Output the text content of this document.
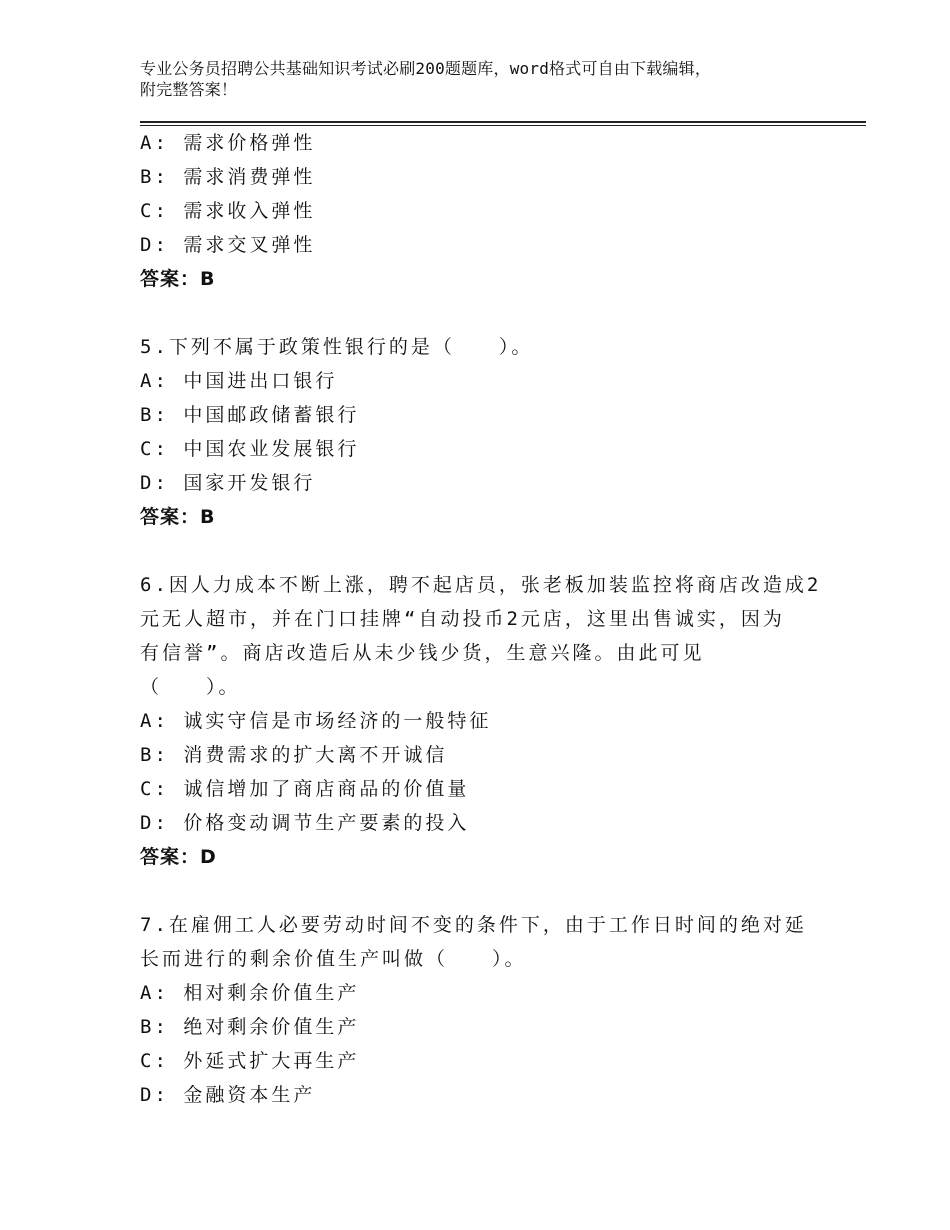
专业公务员招聘公共基础知识考试必刷200题题库，word格式可自由下载编辑，
附完整答案！
A: 需求价格弹性
B: 需求消费弹性
C: 需求收入弹性
D: 需求交叉弹性
答案：B
5.下列不属于政策性银行的是（　　）。
A: 中国进出口银行
B: 中国邮政储蓄银行
C: 中国农业发展银行
D: 国家开发银行
答案：B
6.因人力成本不断上涨，聘不起店员，张老板加装监控将商店改造成2
元无人超市，并在门口挂牌“自动投币2元店，这里出售诚实，因为
有信誉”。商店改造后从未少钱少货，生意兴隆。由此可见
（　　）。
A: 诚实守信是市场经济的一般特征
B: 消费需求的扩大离不开诚信
C: 诚信增加了商店商品的价值量
D: 价格变动调节生产要素的投入
答案：D
7.在雇佣工人必要劳动时间不变的条件下，由于工作日时间的绝对延
长而进行的剩余价值生产叫做（　　）。
A: 相对剩余价值生产
B: 绝对剩余价值生产
C: 外延式扩大再生产
D: 金融资本生产
